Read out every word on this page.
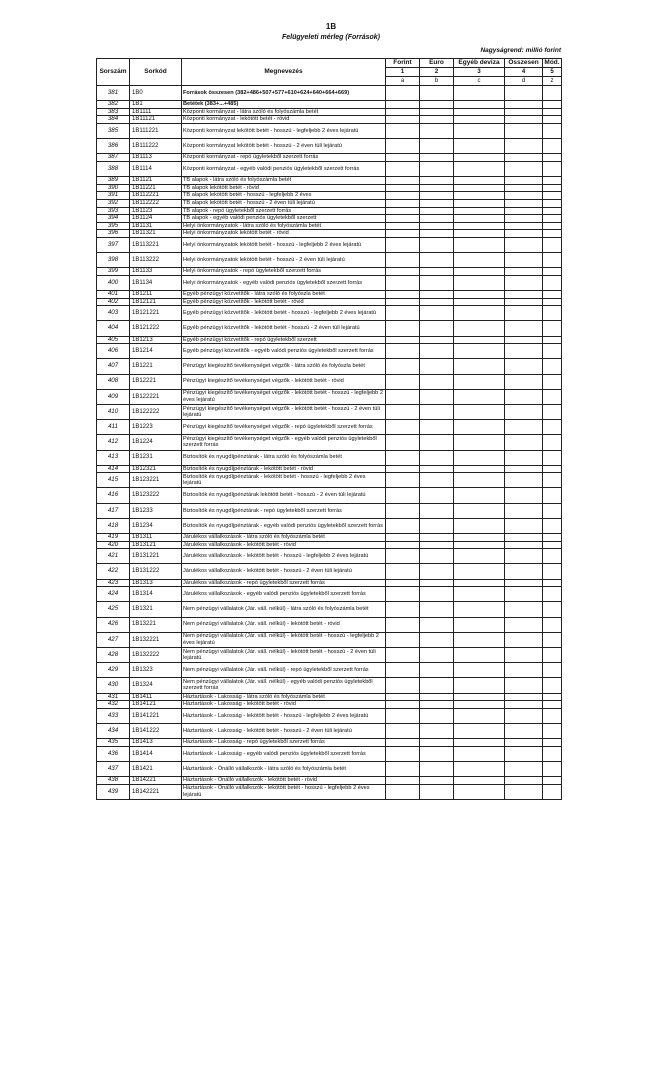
1B
Felügyeleti mérleg (Források)
Nagyságrend: millió forint
Sorszám	Sorkód	Megnevezés	Forint	Euro	Egyéb deviza	Összesen	Mód.
			1	2	3	4	5
			a	b	c	d	z
381	1B0	Források összesen (382+486+507+577+610+624+640+664+669)					
382	1B1	Betétek (383+...+485)					
383	1B1111	Központi kormányzat - látra szóló és folyószámla betét					
384	1B11121	Központi kormányzat - lekötött betét - rövid					
385	1B111221	Központi kormányzat lekötött betét - hosszú - legfeljebb 2 éves lejáratú					
386	1B111222	Központi kormányzat lekötött betét - hosszú - 2 éven túli lejáratú					
387	1B1113	Központi kormányzat - repó ügyletekből szerzett forrás					
388	1B1114	Központi kormányzat - egyéb valódi penziós ügyletekből szerzett forrás					
389	1B1121	TB alapok - látra szóló és folyószámla betét					
390	1B11221	TB alapok lekötött betét - rövid					
391	1B112221	TB alapok lekötött betét - hosszú - legfeljebb 2 éves					
392	1B112222	TB alapok lekötött betét - hosszú - 2 éven túli lejáratú					
393	1B1123	TB alapok - repó ügyletekből szerzett forrás					
394	1B1124	TB alapok - egyéb valódi penziós ügyletekből szerzett					
395	1B1131	Helyi önkormányzatok - látra szóló és folyószámla betét					
396	1B11321	Helyi önkormányzatok lekötött betét - rövid					
397	1B113221	Helyi önkormányzatok lekötött betét - hosszú - legfeljebb 2 éves lejáratú					
398	1B113222	Helyi önkormányzatok lekötött betét - hosszú - 2 éven túli lejáratú					
399	1B1133	Helyi önkormányzatok - repó ügyletekből szerzett forrás					
400	1B1134	Helyi önkormányzatok - egyéb valódi penziós ügyletekből szerzett forrás					
401	1B1211	Egyéb pénzügyi közvetítők - látra szóló és folyószla betét					
402	1B12121	Egyéb pénzügyi közvetítők - lekötött betét - rövid					
403	1B121221	Egyéb pénzügyi közvetítők - lekötött betét - hosszú - legfeljebb 2 éves lejáratú					
404	1B121222	Egyéb pénzügyi közvetítők - lekötött betét - hosszú - 2 éven túli lejáratú					
405	1B1213	Egyéb pénzügyi közvetítők - repó ügyletekből szerzett					
406	1B1214	Egyéb pénzügyi közvetítők - egyéb valódi penziós ügyletekből szerzett forrás					
407	1B1221	Pénzügyi kiegészítő tevékenységet végzők - látra szóló és folyószla betét					
408	1B12221	Pénzügyi kiegészítő tevékenységet végzők - lekötött betét - rövid					
409	1B122221	Pénzügyi kiegészítő tevékenységet végzők - lekötött betét - hosszú - legfeljebb 2 éves lejáratú					
410	1B122222	Pénzügyi kiegészítő tevékenységet végzők - lekötött betét - hosszú - 2 éven túli lejáratú					
411	1B1223	Pénzügyi kiegészítő tevékenységet végzők - repó ügyletekből szerzett forrás					
412	1B1224	Pénzügyi kiegészítő tevékenységet végzők - egyéb valódi penziós ügyletekből szerzett forrás					
413	1B1231	Biztosítók és nyugdíjpénztárak - látra szóló és folyószámla betét					
414	1B12321	Biztosítók és nyugdíjpénztárak - lekötött betét - rövid					
415	1B123221	Biztosítók és nyugdíjpénztárak - lekötött betét - hosszú - legfeljebb 2 éves lejáratú					
416	1B123222	Biztosítók és nyugdíjpénztárak lekötött betét - hosszú - 2 éven túli lejáratú					
417	1B1233	Biztosítók és nyugdíjpénztárak - repó ügyletekből szerzett forrás					
418	1B1234	Biztosítók és nyugdíjpénztárak - egyéb valódi penziós ügyletekből szerzett forrás					
419	1B1311	Járulékos vállalkozások - látra szóló és folyószámla betét					
420	1B13121	Járulékos vállalkozások - lekötött betét - rövid					
421	1B131221	Járulékos vállalkozások - lekötött betét - hosszú - legfeljebb 2 éves lejáratú					
422	1B131222	Járulékos vállalkozások - lekötött betét - hosszú - 2 éven túli lejáratú					
423	1B1313	Járulékos vállalkozások - repó ügyletekből szerzett forrás					
424	1B1314	Járulékos vállalkozások - egyéb valódi penziós ügyletekből szerzett forrás					
425	1B1321	Nem pénzügyi vállalatok (Jár. váll. nélkül) - látra szóló és folyószámla betét					
426	1B13221	Nem pénzügyi vállalatok (Jár. váll. nélkül) - lekötött betét - rövid					
427	1B132221	Nem pénzügyi vállalatok (Jár. váll. nélkül) - lekötött betét - hosszú - legfeljebb 2 éves lejáratú					
428	1B132222	Nem pénzügyi vállalatok (Jár. váll. nélkül) - lekötött betét - hosszú - 2 éven túli lejáratú					
429	1B1323	Nem pénzügyi vállalatok (Jár. váll. nélkül) - repó ügyletekből szerzett forrás					
430	1B1324	Nem pénzügyi vállalatok (Jár. váll. nélkül) - egyéb valódi penziós ügyletekből szerzett forrás					
431	1B1411	Háztartások - Lakosság - látra szóló és folyószámla betét					
432	1B14121	Háztartások - Lakosság - lekötött betét - rövid					
433	1B141221	Háztartások - Lakosság - lekötött betét - hosszú - legfeljebb 2 éves lejáratú					
434	1B141222	Háztartások - Lakosság - lekötött betét - hosszú - 2 éven túli lejáratú					
435	1B1413	Háztartások - Lakosság - repó ügyletekből szerzett forrás					
436	1B1414	Háztartások - Lakosság - egyéb valódi penziós ügyletekből szerzett forrás					
437	1B1421	Háztartások - Önálló vállalkozók - látra szóló és folyószámla betét					
438	1B14221	Háztartások - Önálló vállalkozók - lekötött betét - rövid					
439	1B142221	Háztartások - Önálló vállalkozók - lekötött betét - hosszú - legfeljebb 2 éves lejáratú					
